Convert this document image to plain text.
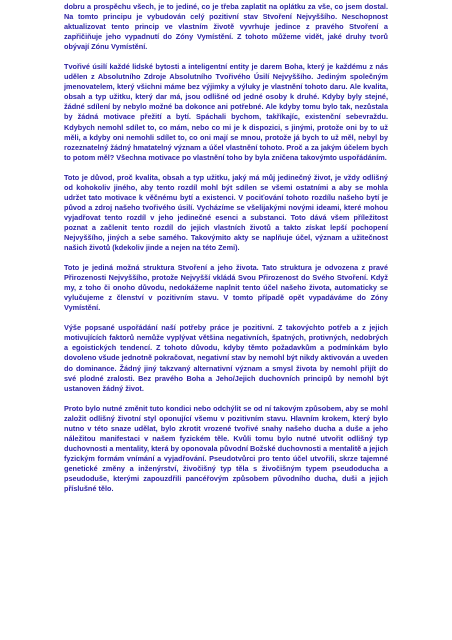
dobru a prospěchu všech, je to jediné, co je třeba zaplatit na oplátku za vše, co jsem dostal. Na tomto principu je vybudován celý pozitivní stav Stvoření Nejvyššího. Neschopnost aktualizovat tento princip ve vlastním životě vyvrhuje jedince z pravého Stvoření a zapřičiňuje jeho vypadnutí do Zóny Vymístění. Z tohoto můžeme vidět, jaké druhy tvorů obývají Zónu Vymístění.

Tvořivé úsilí každé lidské bytosti a inteligentní entity je darem Boha, který je každému z nás udělen z Absolutního Zdroje Absolutního Tvořivého Úsilí Nejvyššího. Jediným společným jmenovatelem, který všichni máme bez výjimky a výluky je vlastnění tohoto daru. Ale kvalita, obsah a typ užitku, který dar má, jsou odlišné od jedné osoby k druhé. Kdyby byly stejné, žádné sdílení by nebylo možné ba dokonce ani potřebné. Ale kdyby tomu bylo tak, nezůstala by žádná motivace přežití a bytí. Spáchali bychom, takříkajíc, existenční sebevraždu. Kdybych nemohl sdílet to, co mám, nebo co mi je k dispozici, s jinými, protože oni by to už měli, a kdyby oni nemohli sdílet to, co oni mají se mnou, protože já bych to už měl, nebyl by rozeznatelný žádný hmatatelný význam a účel vlastnění tohoto. Proč a za jakým účelem bych to potom měl? Všechna motivace po vlastnění toho by byla zničena takovýmto uspořádáním.

Toto je důvod, proč kvalita, obsah a typ užitku, jaký má můj jedinečný život, je vždy odlišný od kohokoliv jiného, aby tento rozdíl mohl být sdílen se všemi ostatními a aby se mohla udržet tato motivace k věčnému bytí a existenci. V pociťování tohoto rozdílu našeho bytí je původ a zdroj našeho tvořivého úsilí. Vycházíme se všelijakými novými ideami, které mohou vyjadřovat tento rozdíl v jeho jedinečné esenci a substanci. Toto dává všem příležitost poznat a začlenit tento rozdíl do jejich vlastních životů a takto získat lepší pochopení Nejvyššího, jiných a sebe samého. Takovýmito akty se naplňuje účel, význam a užitečnost našich životů (kdekoliv jinde a nejen na této Zemi).

Toto je jediná možná struktura Stvoření a jeho života. Tato struktura je odvozena z pravé Přirozenosti Nejvyššího, protože Nejvyšší vkládá Svou Přirozenost do Svého Stvoření. Když my, z toho či onoho důvodu, nedokážeme naplnit tento účel našeho života, automaticky se vylučujeme z členství v pozitivním stavu. V tomto případě opět vypadáváme do Zóny Vymístění.

Výše popsané uspořádání naší potřeby práce je pozitivní. Z takovýchto potřeb a z jejich motivujících faktorů nemůže vyplývat většina negativních, špatných, protivných, nedobrých a egoistických tendencí. Z tohoto důvodu, kdyby těmto požadavkům a podmínkám bylo dovoleno všude jednotně pokračovat, negativní stav by nemohl být nikdy aktivován a uveden do dominance. Žádný jiný takzvaný alternativní význam a smysl života by nemohl přijít do své plodné zralosti. Bez pravého Boha a Jeho/Jejich duchovních principů by nemohl být ustanoven žádný život.

Proto bylo nutné změnit tuto kondici nebo odchýlit se od ní takovým způsobem, aby se mohl založit odlišný životní styl oponující všemu v pozitivním stavu. Hlavním krokem, který bylo nutno v této snaze udělat, bylo zkrotit vrozené tvořivé snahy našeho ducha a duše a jeho náležitou manifestaci v našem fyzickém těle. Kvůli tomu bylo nutné utvořit odlišný typ duchovnosti a mentality, která by oponovala původní Božské duchovnosti a mentalitě a jejich fyzickým formám vnímání a vyjadřování. Pseudotvůrci pro tento účel utvořili, skrze tajemné genetické změny a inženýrství, živočišný typ těla s živočišným typem pseudoducha a pseudoduše, kterými zapouzdřili pancéřovým způsobem původního ducha, duši a jejich příslušné tělo.
